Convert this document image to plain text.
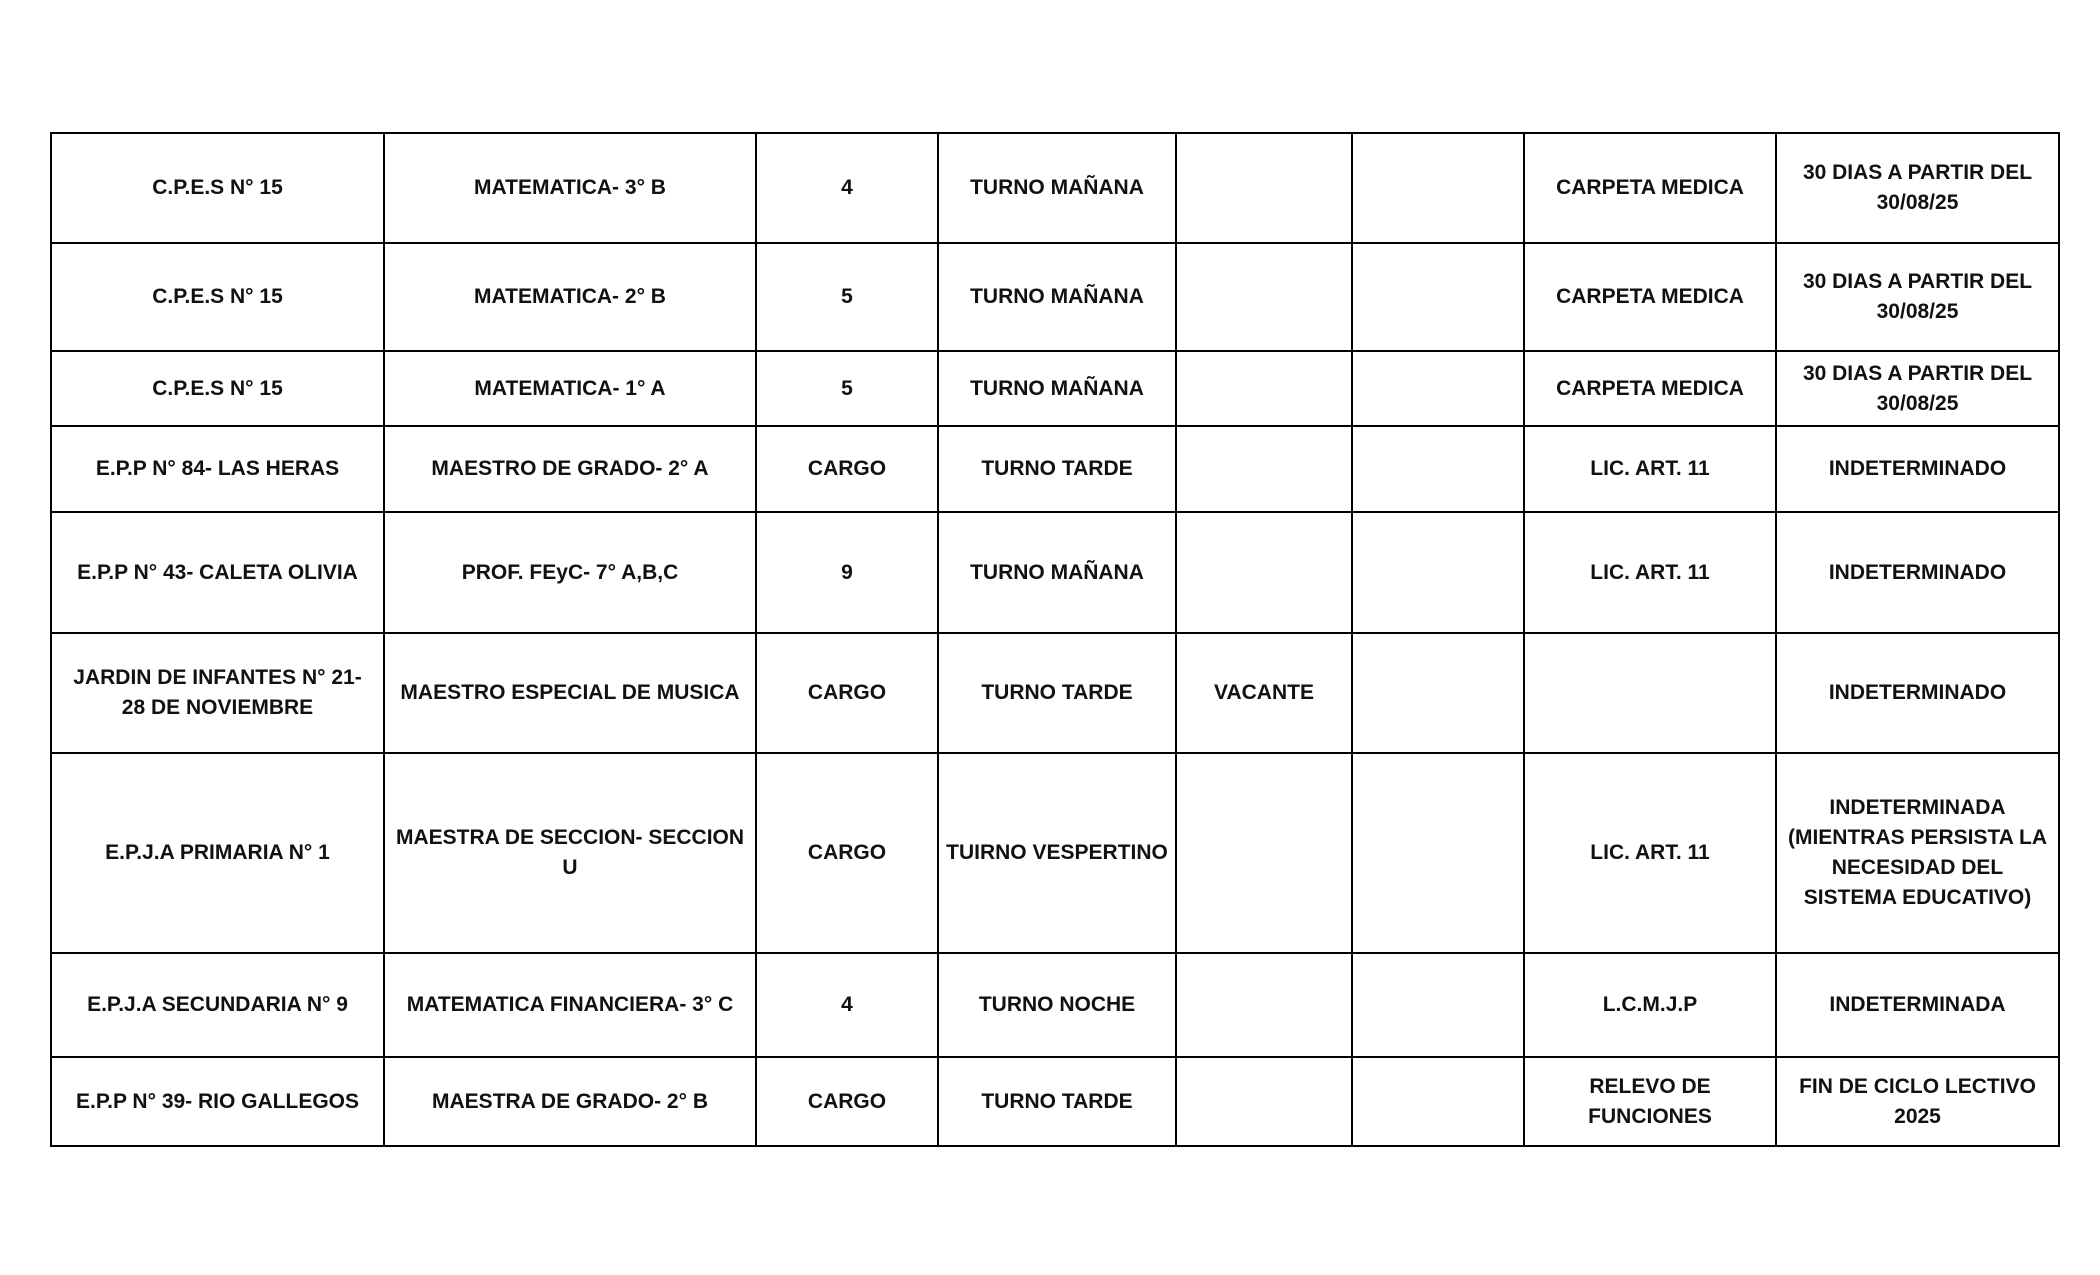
C.P.E.S N° 15	MATEMATICA- 3° B	4	TURNO MAÑANA			CARPETA MEDICA	30 DIAS A PARTIR DEL 30/08/25
C.P.E.S N° 15	MATEMATICA- 2° B	5	TURNO MAÑANA			CARPETA MEDICA	30 DIAS A PARTIR DEL 30/08/25
C.P.E.S N° 15	MATEMATICA- 1° A	5	TURNO MAÑANA			CARPETA MEDICA	30 DIAS A PARTIR DEL 30/08/25
E.P.P N° 84- LAS HERAS	MAESTRO DE GRADO- 2° A	CARGO	TURNO TARDE			LIC. ART. 11	INDETERMINADO
E.P.P N° 43- CALETA OLIVIA	PROF. FEyC- 7° A,B,C	9	TURNO MAÑANA			LIC. ART. 11	INDETERMINADO
JARDIN DE INFANTES N° 21- 28 DE NOVIEMBRE	MAESTRO ESPECIAL DE MUSICA	CARGO	TURNO TARDE	VACANTE			INDETERMINADO
E.P.J.A PRIMARIA N° 1	MAESTRA DE SECCION- SECCION U	CARGO	TUIRNO VESPERTINO			LIC. ART. 11	INDETERMINADA (MIENTRAS PERSISTA LA NECESIDAD DEL SISTEMA EDUCATIVO)
E.P.J.A SECUNDARIA N° 9	MATEMATICA FINANCIERA- 3° C	4	TURNO NOCHE			L.C.M.J.P	INDETERMINADA
E.P.P N° 39- RIO GALLEGOS	MAESTRA DE GRADO- 2° B	CARGO	TURNO TARDE			RELEVO DE FUNCIONES	FIN DE CICLO LECTIVO 2025
